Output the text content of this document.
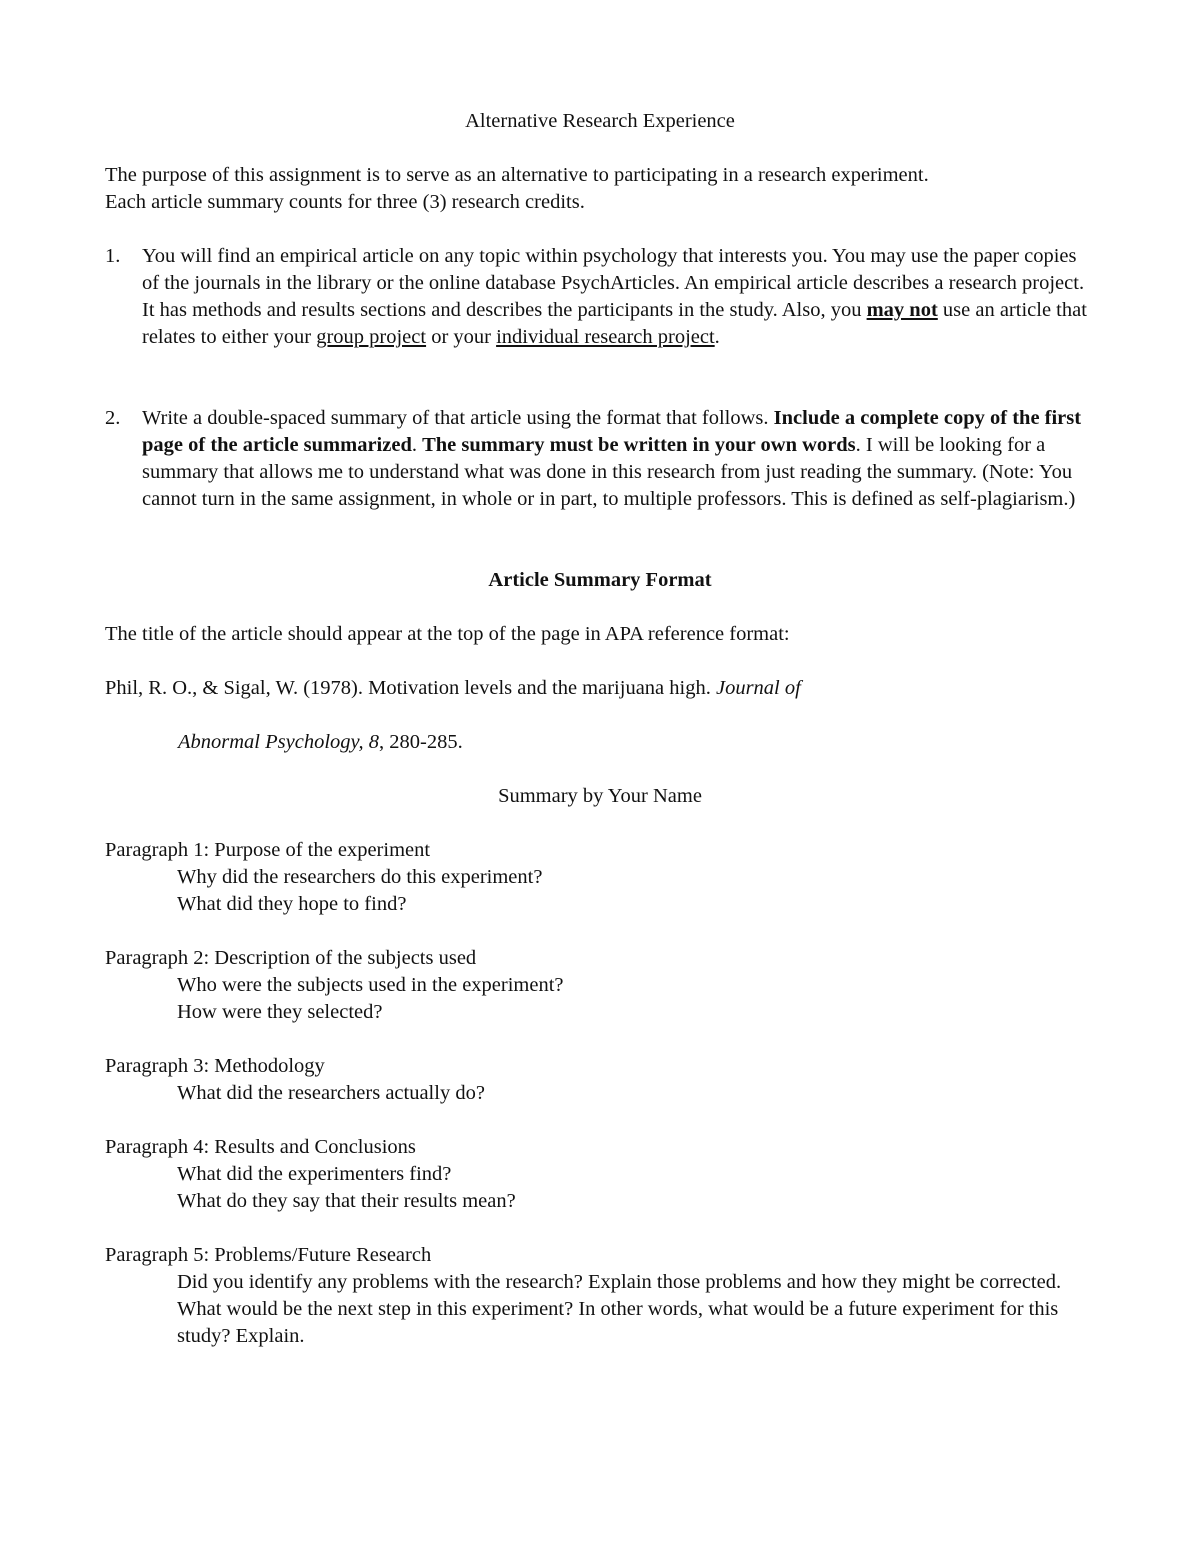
Alternative Research Experience
The purpose of this assignment is to serve as an alternative to participating in a research experiment.
Each article summary counts for three (3) research credits.
1.	You will find an empirical article on any topic within psychology that interests you. You may use the paper copies of the journals in the library or the online database PsychArticles. An empirical article describes a research project. It has methods and results sections and describes the participants in the study. Also, you may not use an article that relates to either your group project or your individual research project.
2.	Write a double-spaced summary of that article using the format that follows. Include a complete copy of the first page of the article summarized. The summary must be written in your own words. I will be looking for a summary that allows me to understand what was done in this research from just reading the summary. (Note: You cannot turn in the same assignment, in whole or in part, to multiple professors. This is defined as self-plagiarism.)
Article Summary Format
The title of the article should appear at the top of the page in APA reference format:
Phil, R. O., & Sigal, W. (1978). Motivation levels and the marijuana high. Journal of
Abnormal Psychology, 8, 280-285.
Summary by Your Name
Paragraph 1: Purpose of the experiment
Why did the researchers do this experiment?
What did they hope to find?
Paragraph 2: Description of the subjects used
Who were the subjects used in the experiment?
How were they selected?
Paragraph 3: Methodology
What did the researchers actually do?
Paragraph 4: Results and Conclusions
What did the experimenters find?
What do they say that their results mean?
Paragraph 5: Problems/Future Research
Did you identify any problems with the research? Explain those problems and how they might be corrected.
What would be the next step in this experiment? In other words, what would be a future experiment for this study? Explain.
